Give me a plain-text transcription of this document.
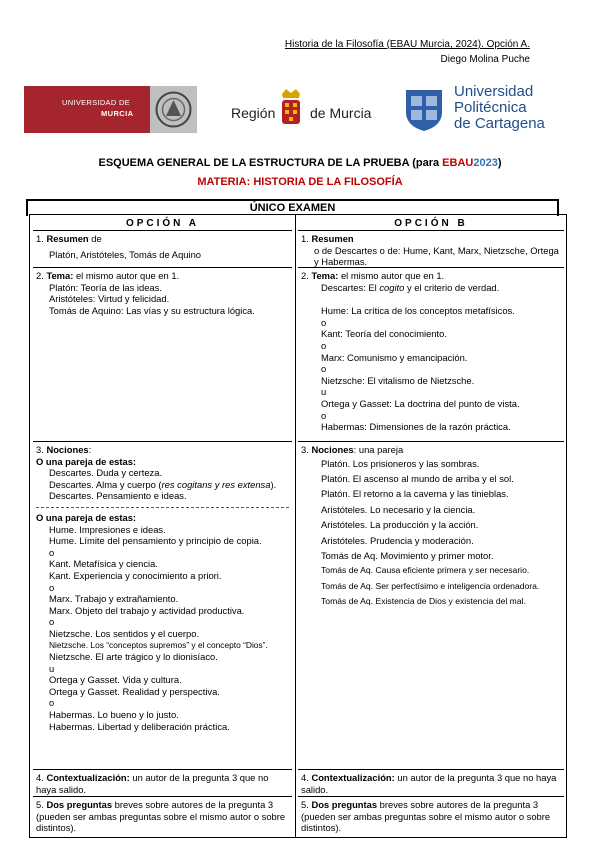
Historia de la Filosofía (EBAU Murcia, 2024). Opción A.
Diego Molina Puche
UNIVERSIDAD DE
MURCIA	Región de Murcia
Universidad
Politécnica
de Cartagena
ESQUEMA GENERAL DE LA ESTRUCTURA DE LA PRUEBA (para EBAU2023)
MATERIA: HISTORIA DE LA FILOSOFÍA
ÚNICO EXAMEN
OPCIÓN A

1. Resumen de

Platón, Aristóteles, Tomás de Aquino

2. Tema: el mismo autor que en 1.

Platón: Teoría de las ideas.

Aristóteles: Virtud y felicidad.

Tomás de Aquino: Las vías y su estructura lógica.

3. Nociones:

O una pareja de estas:

Descartes. Duda y certeza.

Descartes. Alma y cuerpo (res cogitans y res extensa).

Descartes. Pensamiento e ideas.

O una pareja de estas:

Hume. Impresiones e ideas.

Hume. Límite del pensamiento y principio de copia.

o

Kant. Metafísica y ciencia.

Kant. Experiencia y conocimiento a priori.

o

Marx. Trabajo y extrañamiento.

Marx. Objeto del trabajo y actividad productiva.

o

Nietzsche. Los sentidos y el cuerpo.

Nietzsche. Los “conceptos supremos” y el concepto “Dios”.

Nietzsche. El arte trágico y lo dionisíaco.

u

Ortega y Gasset. Vida y cultura.

Ortega y Gasset. Realidad y perspectiva.

o

Habermas. Lo bueno y lo justo.

Habermas. Libertad y deliberación práctica.

4. Contextualización: un autor de la pregunta 3 que no haya salido.

5. Dos preguntas breves sobre autores de la pregunta 3 (pueden ser ambas preguntas sobre el mismo autor o sobre distintos).

OPCIÓN B

1. Resumen

o de Descartes o de: Hume, Kant, Marx, Nietzsche, Ortega y Habermas.

2. Tema: el mismo autor que en 1.

Descartes: El cogito y el criterio de verdad.

Hume: La crítica de los conceptos metafísicos.

o

Kant: Teoría del conocimiento.

o

Marx: Comunismo y emancipación.

o

Nietzsche: El vitalismo de Nietzsche.

u

Ortega y Gasset: La doctrina del punto de vista.

o

Habermas: Dimensiones de la razón práctica.

3. Nociones: una pareja

Platón. Los prisioneros y las sombras.

Platón. El ascenso al mundo de arriba y el sol.

Platón. El retorno a la caverna y las tinieblas.

Aristóteles. Lo necesario y la ciencia.

Aristóteles. La producción y la acción.

Aristóteles. Prudencia y moderación.

Tomás de Aq. Movimiento y primer motor.

Tomás de Aq. Causa eficiente primera y ser necesario.

Tomás de Aq. Ser perfectísimo e inteligencia ordenadora.

Tomás de Aq. Existencia de Dios y existencia del mal.

4. Contextualización: un autor de la pregunta 3 que no haya salido.

5. Dos preguntas breves sobre autores de la pregunta 3 (pueden ser ambas preguntas sobre el mismo autor o sobre distintos).
